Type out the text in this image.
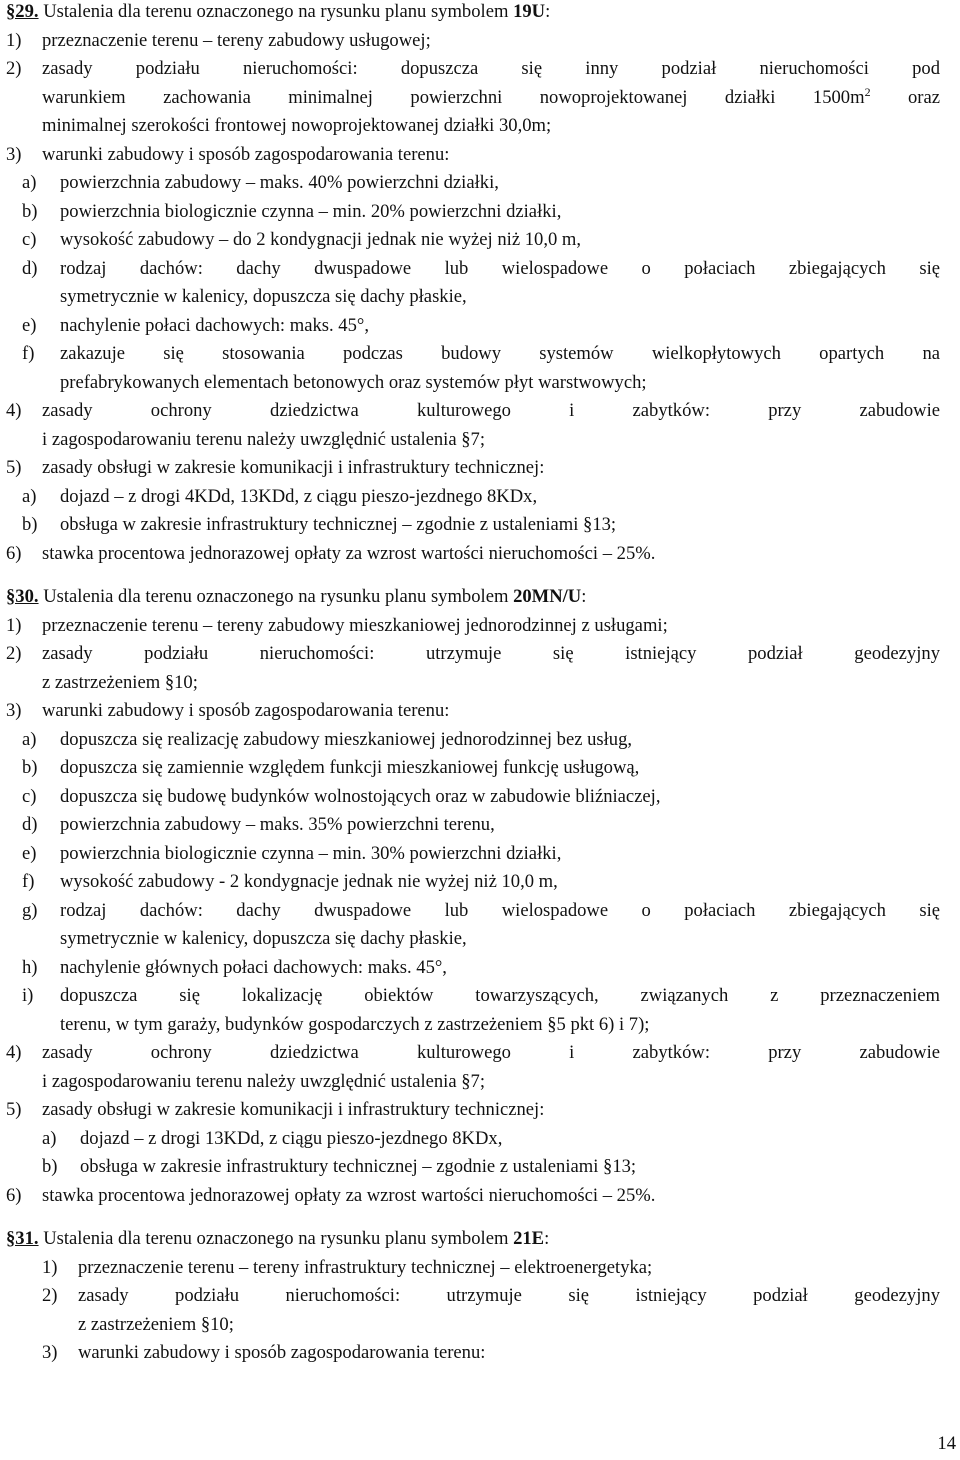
§29. Ustalenia dla terenu oznaczonego na rysunku planu symbolem 19U:
1) przeznaczenie terenu – tereny zabudowy usługowej;
2) zasady podziału nieruchomości: dopuszcza się inny podział nieruchomości pod
warunkiem zachowania minimalnej powierzchni nowoprojektowanej działki $1500m^2$ oraz
minimalnej szerokości frontowej nowoprojektowanej działki 30,0m;
3) warunki zabudowy i sposób zagospodarowania terenu:
a) powierzchnia zabudowy – maks. 40% powierzchni działki,
b) powierzchnia biologicznie czynna – min. 20% powierzchni działki,
c) wysokość zabudowy – do 2 kondygnacji jednak nie wyżej niż 10,0 m,
d) rodzaj dachów: dachy dwuspadowe lub wielospadowe o połaciach zbiegających się
symetrycznie w kalenicy, dopuszcza się dachy płaskie,
e) nachylenie połaci dachowych: maks. 45°,
f) zakazuje się stosowania podczas budowy systemów wielkopłytowych opartych na
prefabrykowanych elementach betonowych oraz systemów płyt warstwowych;
4) zasady ochrony dziedzictwa kulturowego i zabytków: przy zabudowie
i zagospodarowaniu terenu należy uwzględnić ustalenia §7;
5) zasady obsługi w zakresie komunikacji i infrastruktury technicznej:
a) dojazd – z drogi 4KDd, 13KDd, z ciągu pieszo-jezdnego 8KDx,
b) obsługa w zakresie infrastruktury technicznej – zgodnie z ustaleniami §13;
6) stawka procentowa jednorazowej opłaty za wzrost wartości nieruchomości – 25%.
§30. Ustalenia dla terenu oznaczonego na rysunku planu symbolem 20MN/U:
1) przeznaczenie terenu – tereny zabudowy mieszkaniowej jednorodzinnej z usługami;
2) zasady podziału nieruchomości: utrzymuje się istniejący podział geodezyjny
z zastrzeżeniem §10;
3) warunki zabudowy i sposób zagospodarowania terenu:
a) dopuszcza się realizację zabudowy mieszkaniowej jednorodzinnej bez usług,
b) dopuszcza się zamiennie względem funkcji mieszkaniowej funkcję usługową,
c) dopuszcza się budowę budynków wolnostojących oraz w zabudowie bliźniaczej,
d) powierzchnia zabudowy – maks. 35% powierzchni terenu,
e) powierzchnia biologicznie czynna – min. 30% powierzchni działki,
f) wysokość zabudowy - 2 kondygnacje jednak nie wyżej niż 10,0 m,
g) rodzaj dachów: dachy dwuspadowe lub wielospadowe o połaciach zbiegających się
symetrycznie w kalenicy, dopuszcza się dachy płaskie,
h) nachylenie głównych połaci dachowych: maks. 45°,
i) dopuszcza się lokalizację obiektów towarzyszących, związanych z przeznaczeniem
terenu, w tym garaży, budynków gospodarczych z zastrzeżeniem §5 pkt 6) i 7);
4) zasady ochrony dziedzictwa kulturowego i zabytków: przy zabudowie
i zagospodarowaniu terenu należy uwzględnić ustalenia §7;
5) zasady obsługi w zakresie komunikacji i infrastruktury technicznej:
a) dojazd – z drogi 13KDd, z ciągu pieszo-jezdnego 8KDx,
b) obsługa w zakresie infrastruktury technicznej – zgodnie z ustaleniami §13;
6) stawka procentowa jednorazowej opłaty za wzrost wartości nieruchomości – 25%.
§31. Ustalenia dla terenu oznaczonego na rysunku planu symbolem 21E:
1) przeznaczenie terenu – tereny infrastruktury technicznej – elektroenergetyka;
2) zasady podziału nieruchomości: utrzymuje się istniejący podział geodezyjny
z zastrzeżeniem §10;
3) warunki zabudowy i sposób zagospodarowania terenu:
14
